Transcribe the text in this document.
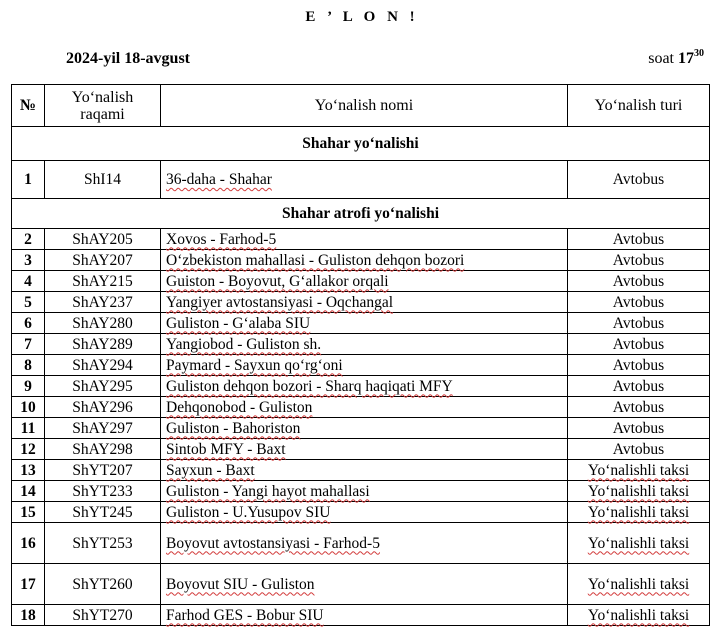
E ’ L O N !
2024-yil 18-avgust	soat $17^{30}$
№	Yo‘nalish raqami	Yo‘nalish nomi	Yo‘nalish turi
Shahar yo‘nalishi			
1	ShI14	36-daha - Shahar	Avtobus
Shahar atrofi yo‘nalishi			
2	ShAY205	Xovos - Farhod-5	Avtobus
3	ShAY207	O‘zbekiston mahallasi - Guliston dehqon bozori	Avtobus
4	ShAY215	Guiston - Boyovut, G‘allakor orqali	Avtobus
5	ShAY237	Yangiyer avtostansiyasi - Oqchangal	Avtobus
6	ShAY280	Guliston - G‘alaba SIU	Avtobus
7	ShAY289	Yangiobod - Guliston sh.	Avtobus
8	ShAY294	Paymard - Sayxun qo‘rg‘oni	Avtobus
9	ShAY295	Guliston dehqon bozori - Sharq haqiqati MFY	Avtobus
10	ShAY296	Dehqonobod - Guliston	Avtobus
11	ShAY297	Guliston - Bahoriston	Avtobus
12	ShAY298	Sintob MFY - Baxt	Avtobus
13	ShYT207	Sayxun - Baxt	Yo‘nalishli taksi
14	ShYT233	Guliston - Yangi hayot mahallasi	Yo‘nalishli taksi
15	ShYT245	Guliston - U.Yusupov SIU	Yo‘nalishli taksi
16	ShYT253	Boyovut avtostansiyasi - Farhod-5	Yo‘nalishli taksi
17	ShYT260	Boyovut SIU - Guliston	Yo‘nalishli taksi
18	ShYT270	Farhod GES - Bobur SIU	Yo‘nalishli taksi
